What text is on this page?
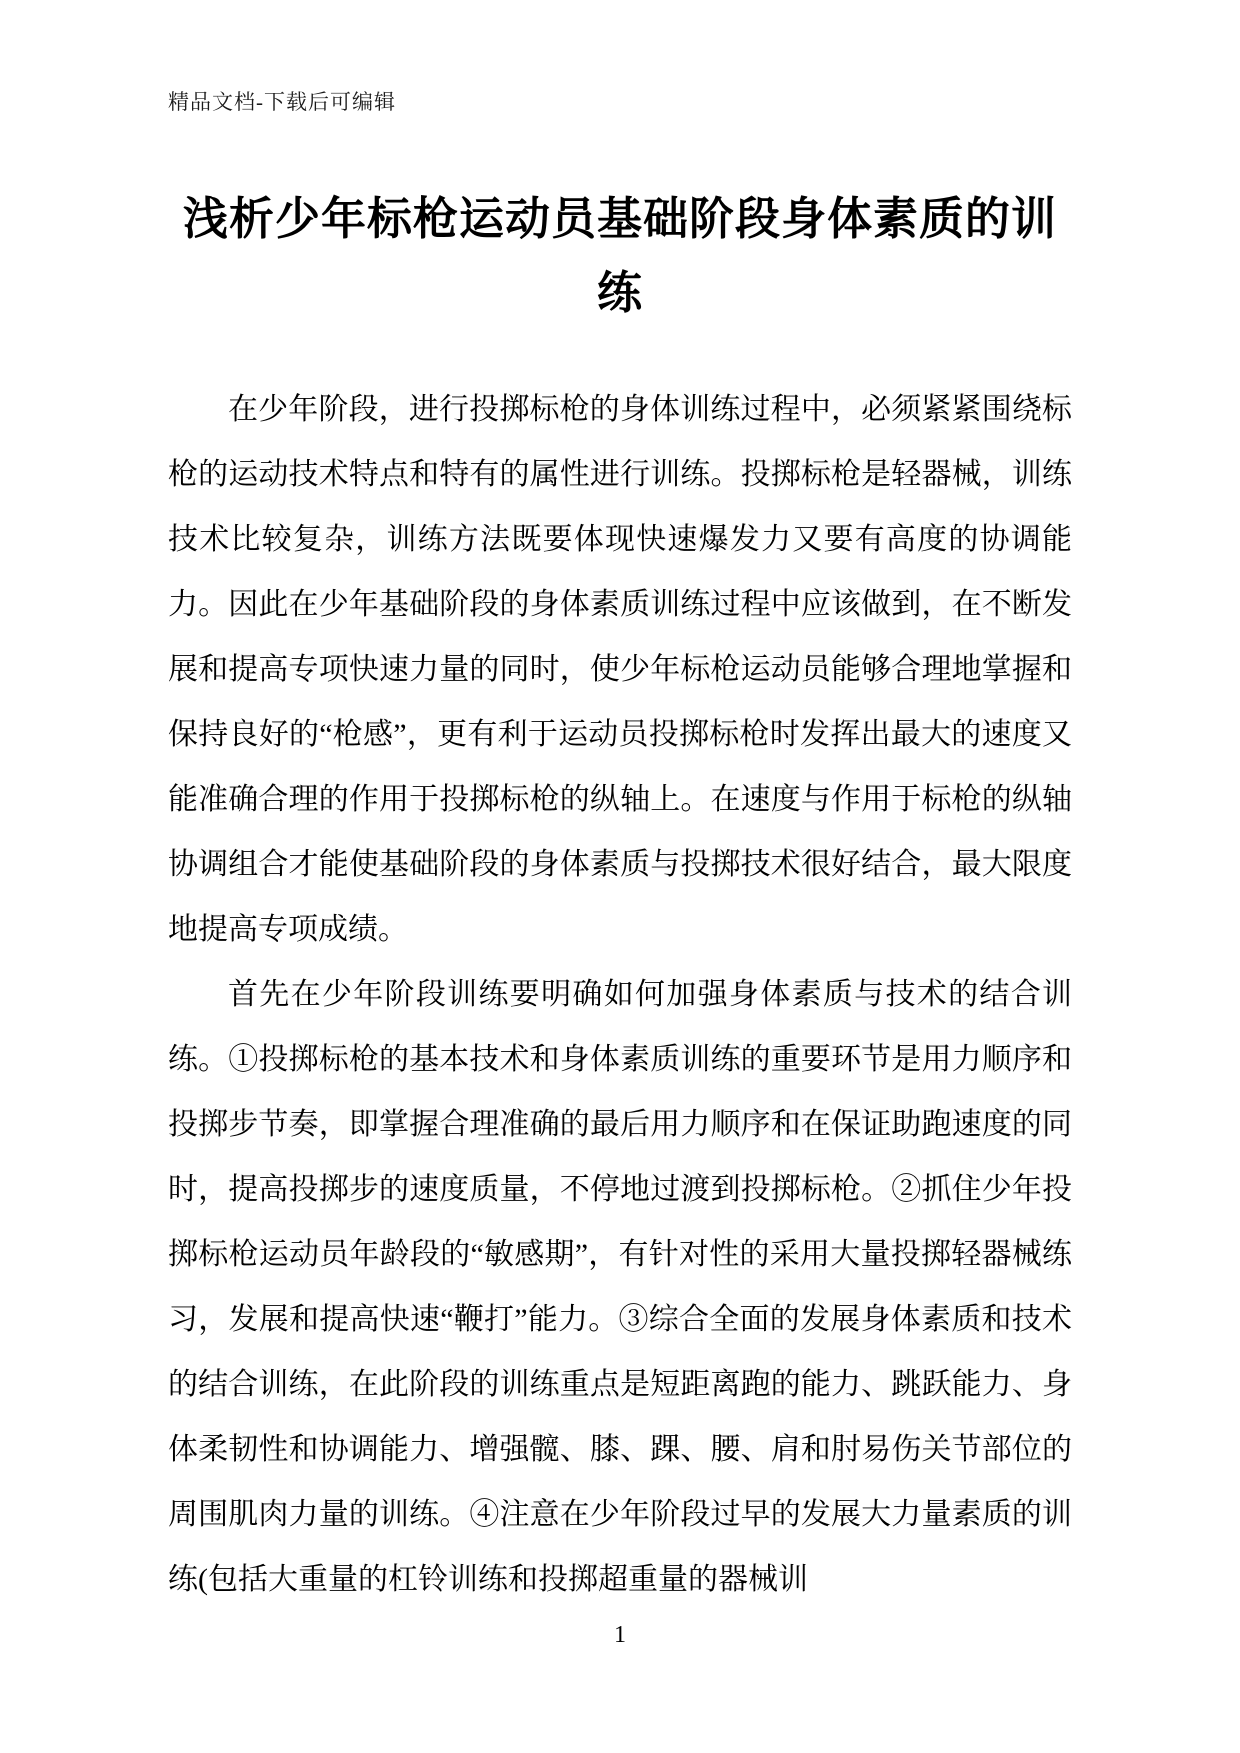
精品文档-下载后可编辑
浅析少年标枪运动员基础阶段身体素质的训练

在少年阶段，进行投掷标枪的身体训练过程中，必须紧紧围绕标枪的运动技术特点和特有的属性进行训练。投掷标枪是轻器械，训练技术比较复杂，训练方法既要体现快速爆发力又要有高度的协调能力。因此在少年基础阶段的身体素质训练过程中应该做到，在不断发展和提高专项快速力量的同时，使少年标枪运动员能够合理地掌握和保持良好的“枪感”，更有利于运动员投掷标枪时发挥出最大的速度又能准确合理的作用于投掷标枪的纵轴上。在速度与作用于标枪的纵轴协调组合才能使基础阶段的身体素质与投掷技术很好结合，最大限度地提高专项成绩。

首先在少年阶段训练要明确如何加强身体素质与技术的结合训练。①投掷标枪的基本技术和身体素质训练的重要环节是用力顺序和投掷步节奏，即掌握合理准确的最后用力顺序和在保证助跑速度的同时，提高投掷步的速度质量，不停地过渡到投掷标枪。②抓住少年投掷标枪运动员年龄段的“敏感期”，有针对性的采用大量投掷轻器械练习，发展和提高快速“鞭打”能力。③综合全面的发展身体素质和技术的结合训练，在此阶段的训练重点是短距离跑的能力、跳跃能力、身体柔韧性和协调能力、增强髋、膝、踝、腰、肩和肘易伤关节部位的周围肌肉力量的训练。④注意在少年阶段过早的发展大力量素质的训练(包括大重量的杠铃训练和投掷超重量的器械训

1
